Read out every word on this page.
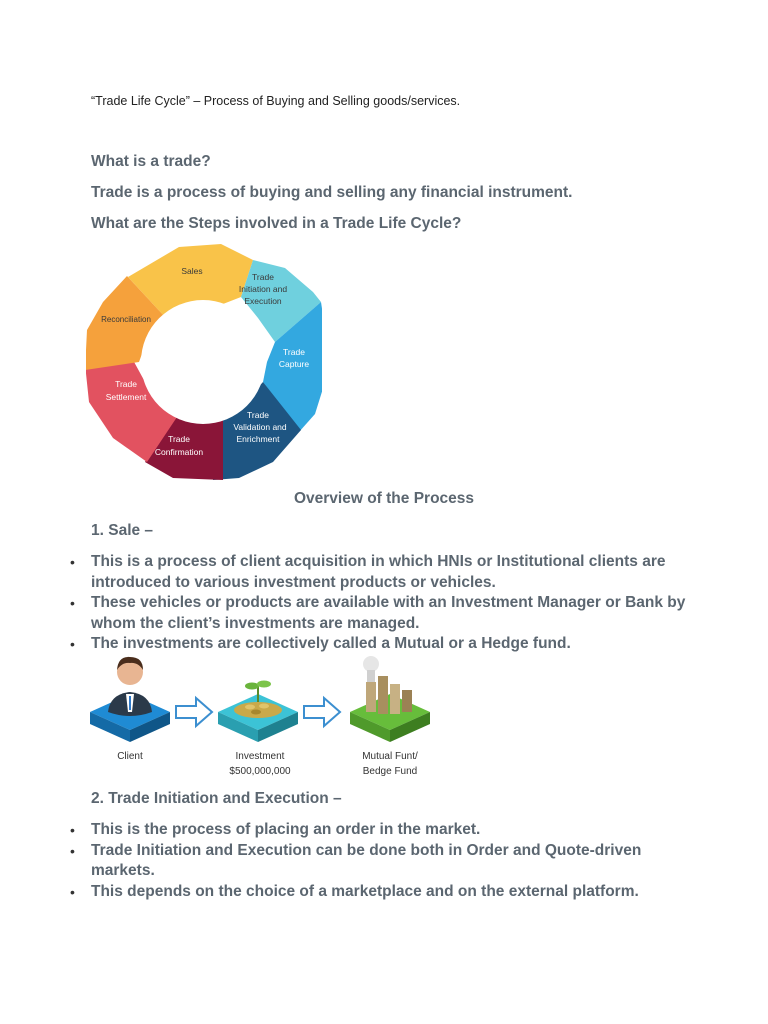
“Trade Life Cycle” – Process of Buying and Selling goods/services.
What is a trade?
Trade is a process of buying and selling any financial instrument.
What are the Steps involved in a Trade Life Cycle?
Sales
Trade
Initiation and
Execution
Trade
Capture
Trade
Validation and
Enrichment
Trade
Confirmation
Trade
Settlement
Reconciliation
Overview of the Process
1. Sale –
• This is a process of client acquisition in which HNIs or Institutional clients are introduced to various investment products or vehicles.
• These vehicles or products are available with an Investment Manager or Bank by whom the client’s investments are managed.
• The investments are collectively called a Mutual or a Hedge fund.
Client	Investment
$500,000,000
Mutual Funt/
Bedge Fund
2. Trade Initiation and Execution –
• This is the process of placing an order in the market.
• Trade Initiation and Execution can be done both in Order and Quote-driven markets.
• This depends on the choice of a marketplace and on the external platform.
